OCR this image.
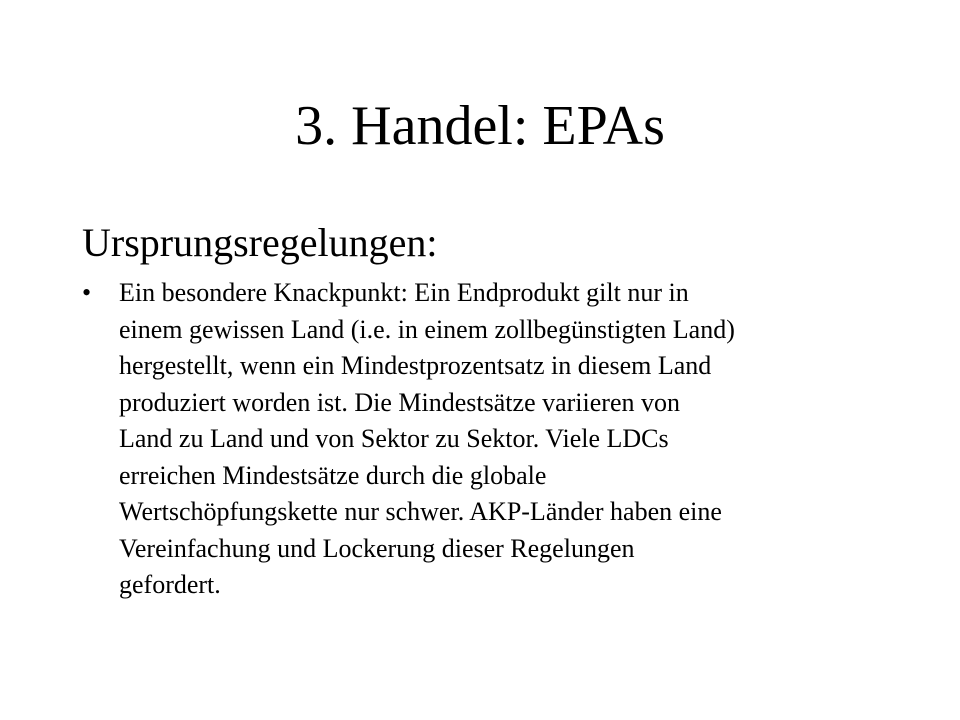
3. Handel: EPAs
Ursprungsregelungen:
• Ein besondere Knackpunkt: Ein Endprodukt gilt nur in
einem gewissen Land (i.e. in einem zollbegünstigten Land)
hergestellt, wenn ein Mindestprozentsatz in diesem Land
produziert worden ist. Die Mindestsätze variieren von
Land zu Land und von Sektor zu Sektor. Viele LDCs
erreichen Mindestsätze durch die globale
Wertschöpfungskette nur schwer. AKP-Länder haben eine
Vereinfachung und Lockerung dieser Regelungen
gefordert.
